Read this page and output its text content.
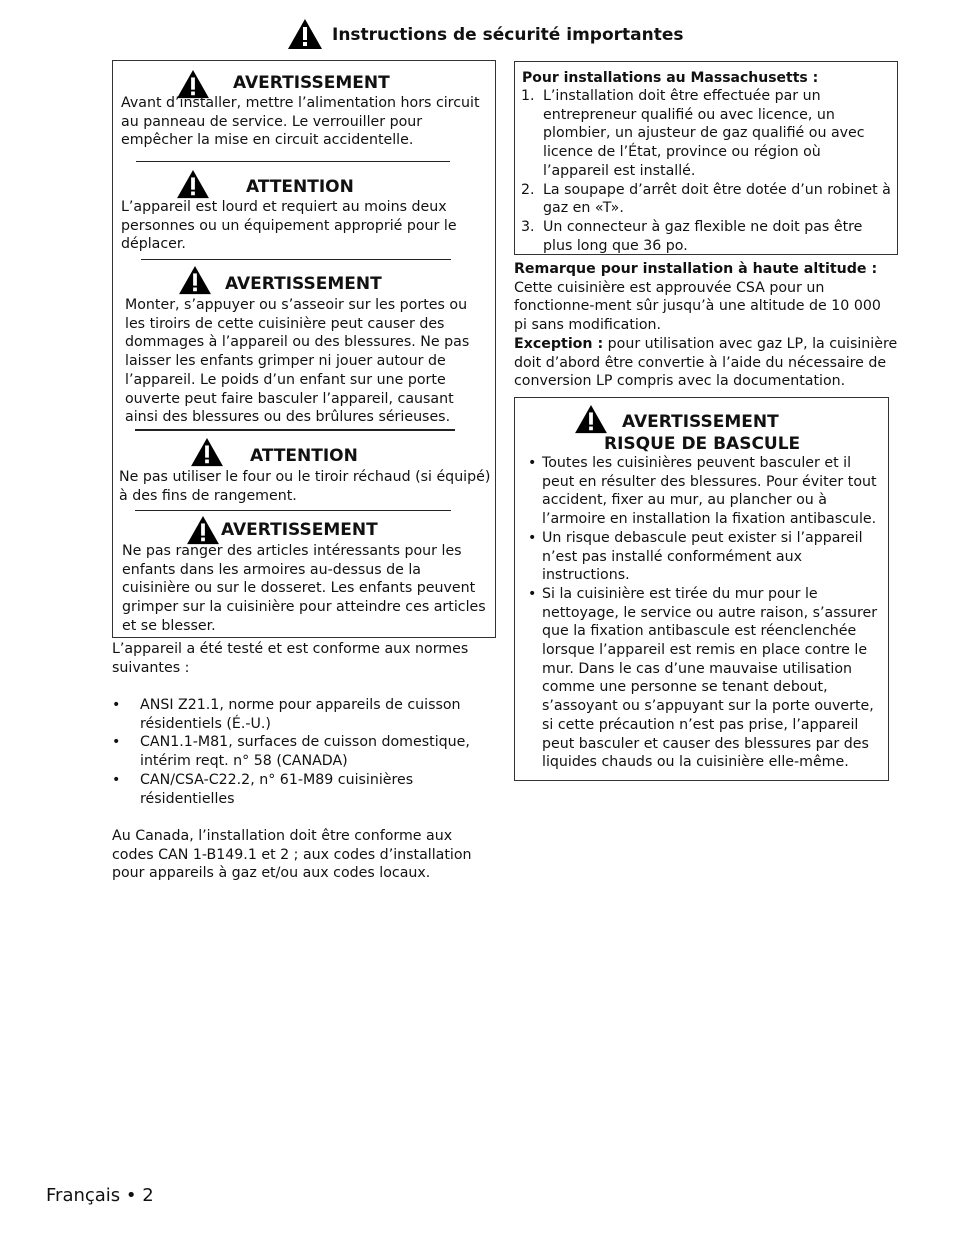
Instructions de sécurité importantes
AVERTISSEMENT
Avant d’installer, mettre l’alimentation hors circuit au panneau de service. Le verrouiller pour empêcher la mise en circuit accidentelle.
ATTENTION
L’appareil est lourd et requiert au moins deux personnes ou un équipement approprié pour le déplacer.
AVERTISSEMENT
Monter, s’appuyer ou s’asseoir sur les portes ou les tiroirs de cette cuisinière peut causer des dommages à l’appareil ou des blessures. Ne pas laisser les enfants grimper ni jouer autour de l’appareil. Le poids d’un enfant sur une porte ouverte peut faire basculer l’appareil, causant ainsi des blessures ou des brûlures sérieuses.
ATTENTION
Ne pas utiliser le four ou le tiroir réchaud (si équipé) à des fins de rangement.
AVERTISSEMENT
Ne pas ranger des articles intéressants pour les enfants dans les armoires au-dessus de la cuisinière ou sur le dosseret. Les enfants peuvent grimper sur la cuisinière pour atteindre ces articles et se blesser.
L’appareil a été testé et est conforme aux normes suivantes :
• ANSI Z21.1, norme pour appareils de cuisson résidentiels (É.-U.)
• CAN1.1-M81, surfaces de cuisson domestique, intérim reqt. n° 58 (CANADA)
• CAN/CSA-C22.2, n° 61-M89 cuisinières résidentielles
Au Canada, l’installation doit être conforme aux codes CAN 1-B149.1 et 2 ; aux codes d’installation pour appareils à gaz et/ou aux codes locaux.
Pour installations au Massachusetts :
1. L’installation doit être effectuée par un entrepreneur qualifié ou avec licence, un plombier, un ajusteur de gaz qualifié ou avec licence de l’État, province ou région où l’appareil est installé.
2. La soupape d’arrêt doit être dotée d’un robinet à gaz en «T».
3. Un connecteur à gaz flexible ne doit pas être plus long que 36 po.
Remarque pour installation à haute altitude :
Cette cuisinière est approuvée CSA pour un fonctionne-ment sûr jusqu’à une altitude de 10 000 pi sans modification.
Exception : pour utilisation avec gaz LP, la cuisinière doit d’abord être convertie à l’aide du nécessaire de conversion LP compris avec la documentation.
AVERTISSEMENT
RISQUE DE BASCULE
• Toutes les cuisinières peuvent basculer et il peut en résulter des blessures. Pour éviter tout accident, fixer au mur, au plancher ou à l’armoire en installation la fixation antibascule.
• Un risque debascule peut exister si l’appareil n’est pas installé conformément aux instructions.
• Si la cuisinière est tirée du mur pour le nettoyage, le service ou autre raison, s’assurer que la fixation antibascule est réenclenchée lorsque l’appareil est remis en place contre le mur. Dans le cas d’une mauvaise utilisation comme une personne se tenant debout, s’assoyant ou s’appuyant sur la porte ouverte, si cette précaution n’est pas prise, l’appareil peut basculer et causer des blessures par des liquides chauds ou la cuisinière elle-même.
Français • 2
